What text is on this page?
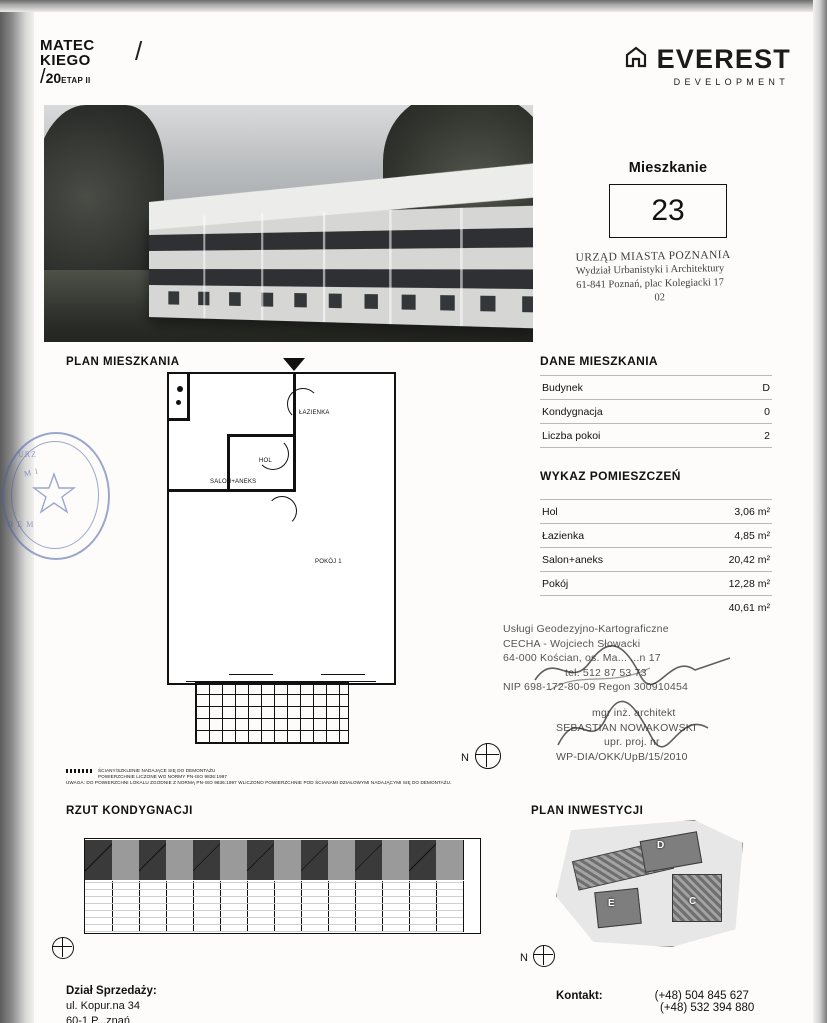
MATEC
KIEGO	/
/20ETAP II
EVEREST
DEVELOPMENT
Mieszkanie
23
URZĄD MIASTA POZNANIA
Wydział Urbanistyki i Architektury
61-841 Poznań, plac Kolegiacki 17
02
PLAN MIESZKANIA
RZUT KONDYGNACJI	PLAN INWESTYCJI
DANE MIESZKANIA
Budynek	D
Kondygnacja	0
Liczba pokoi	2
WYKAZ POMIESZCZEŃ
Hol	3,06 m²
Łazienka	4,85 m²
Salon+aneks	20,42 m²
Pokój	12,28 m²
40,61 m²
ŁAZIENKA
HOL
SALON+ANEKS
POKÓJ 1
N
ŚCIANY/SZKLENIE NADAJĄCE SIĘ DO DEMONTAŻU
POWIERZCHNIE LICZONE WG NORMY PN-ISO 9836:1997
UWAGA: DO POWIERZCHNI LOKALU ZGODNIE Z NORMĄ PN-ISO 9836:1997 WLICZONO POWIERZCHNIE POD ŚCIANAMI DZIAŁOWYMI NADAJĄCYMI SIĘ DO DEMONTAŻU.
D
E	C
N
Usługi Geodezyjno-Kartograficzne
CECHA - Wojciech Słowacki
64-000 Kościan, os. Ma... ...n 17
tel. 512 87 53 73
NIP 698-172-80-09 Regon 300910454
mgr inż. architekt
SEBASTIAN NOWAKOWSKI
upr. proj. nr
WP-DIA/OKK/UpB/15/2010
URZ
M I
R E M
Dział Sprzedaży:
ul. Kopur.na 34
60-1 P...znań
Kontakt:	(+48) 504 845 627
(+48) 532 394 880
